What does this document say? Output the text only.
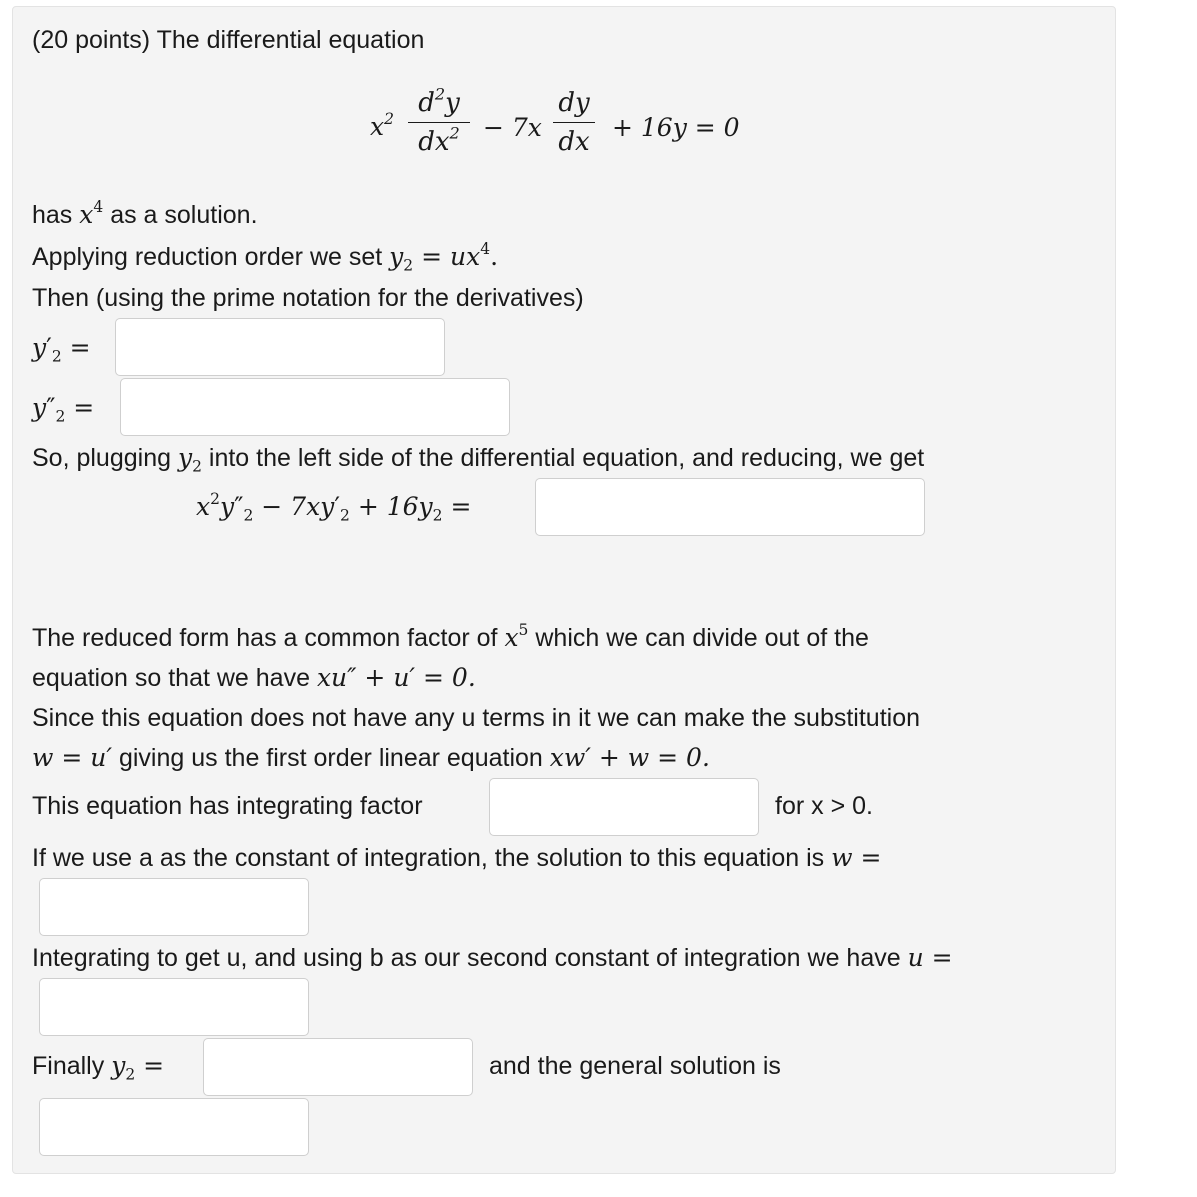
(20 points) The differential equation
$x^2$
$d^2y$
$dx^2 - 7x$
dy
dx + 16y = 0
has $x^4$ as a solution.
Applying reduction order we set $y_2 = ux^4$.
Then (using the prime notation for the derivatives)
$y'_2$ =
$y''_2$ =
So, plugging $y_2$ into the left side of the differential equation, and reducing, we get
$x^2y''_2 - 7xy'_2 + 16y_2$ =
The reduced form has a common factor of $x^5$ which we can divide out of the
equation so that we have xu″ + u′ = 0.
Since this equation does not have any u terms in it we can make the substitution
w = u′ giving us the first order linear equation xw′ + w = 0.
This equation has integrating factor	for x > 0.
If we use a as the constant of integration, the solution to this equation is w =
Integrating to get u, and using b as our second constant of integration we have u =
Finally $y_2$ =	and the general solution is
